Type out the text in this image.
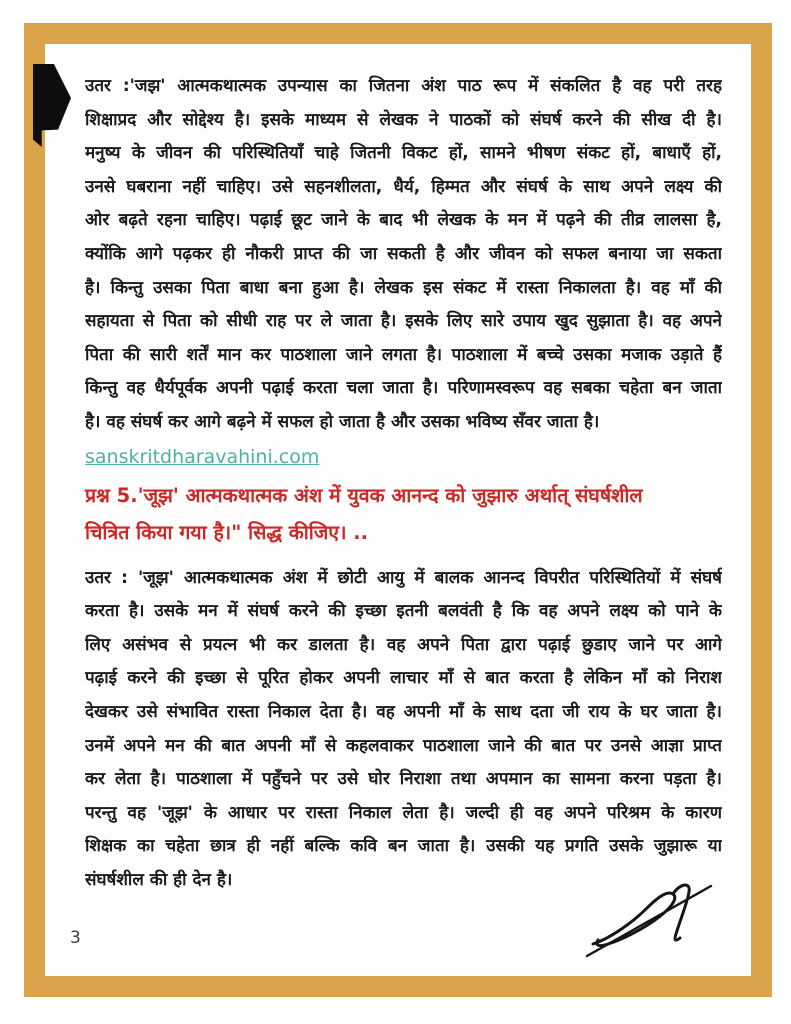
उतर :'जझ' आत्मकथात्मक उपन्यास का जितना अंश पाठ रूप में संकलित है वह परी तरह
शिक्षाप्रद और सोद्देश्य है। इसके माध्यम से लेखक ने पाठकों को संघर्ष करने की सीख दी है।
मनुष्य के जीवन की परिस्थितियाँ चाहे जितनी विकट हों, सामने भीषण संकट हों, बाधाएँ हों,
उनसे घबराना नहीं चाहिए। उसे सहनशीलता, धैर्य, हिम्मत और संघर्ष के साथ अपने लक्ष्य की
ओर बढ़ते रहना चाहिए। पढ़ाई छूट जाने के बाद भी लेखक के मन में पढ़ने की तीव्र लालसा है,
क्योंकि आगे पढ़कर ही नौकरी प्राप्त की जा सकती है और जीवन को सफल बनाया जा सकता
है। किन्तु उसका पिता बाधा बना हुआ है। लेखक इस संकट में रास्ता निकालता है। वह माँ की
सहायता से पिता को सीधी राह पर ले जाता है। इसके लिए सारे उपाय खुद सुझाता है। वह अपने
पिता की सारी शर्तें मान कर पाठशाला जाने लगता है। पाठशाला में बच्चे उसका मजाक उड़ाते हैं
किन्तु वह धैर्यपूर्वक अपनी पढ़ाई करता चला जाता है। परिणामस्वरूप वह सबका चहेता बन जाता
है। वह संघर्ष कर आगे बढ़ने में सफल हो जाता है और उसका भविष्य सँवर जाता है।
sanskritdharavahini.com
प्रश्न 5.'जूझ' आत्मकथात्मक अंश में युवक आनन्द को जुझारु अर्थात् संघर्षशील
चित्रित किया गया है।" सिद्ध कीजिए। ..
उतर : 'जूझ' आत्मकथात्मक अंश में छोटी आयु में बालक आनन्द विपरीत परिस्थितियों में संघर्ष
करता है। उसके मन में संघर्ष करने की इच्छा इतनी बलवंती है कि वह अपने लक्ष्य को पाने के
लिए असंभव से प्रयत्न भी कर डालता है। वह अपने पिता द्वारा पढ़ाई छुडाए जाने पर आगे
पढ़ाई करने की इच्छा से पूरित होकर अपनी लाचार माँ से बात करता है लेकिन माँ को निराश
देखकर उसे संभावित रास्ता निकाल देता है। वह अपनी माँ के साथ दता जी राय के घर जाता है।
उनमें अपने मन की बात अपनी माँ से कहलवाकर पाठशाला जाने की बात पर उनसे आज्ञा प्राप्त
कर लेता है। पाठशाला में पहुँचने पर उसे घोर निराशा तथा अपमान का सामना करना पड़ता है।
परन्तु वह 'जूझ' के आधार पर रास्ता निकाल लेता है। जल्दी ही वह अपने परिश्रम के कारण
शिक्षक का चहेता छात्र ही नहीं बल्कि कवि बन जाता है। उसकी यह प्रगति उसके जुझारू या
संघर्षशील की ही देन है।
3
